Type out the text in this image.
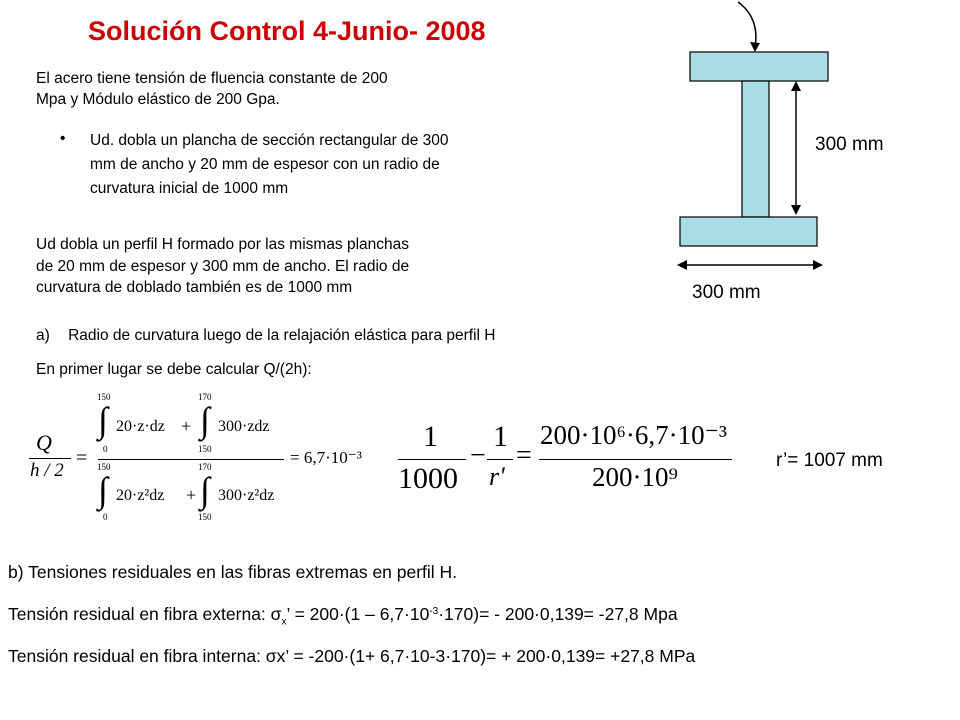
Solución Control 4-Junio- 2008
El acero tiene tensión de fluencia constante de 200
Mpa y Módulo elástico de 200 Gpa.
• Ud. dobla un plancha de sección rectangular de 300
mm de ancho y 20 mm de espesor con un radio de
curvatura inicial de 1000 mm
Ud dobla un perfil H formado por las mismas planchas
de 20 mm de espesor y 300 mm de ancho. El radio de
curvatura de doblado también es de 1000 mm
a) Radio de curvatura luego de la relajación elástica para perfil H
En primer lugar se debe calcular Q/(2h):
300 mm
300 mm
Q
h / 2
=
150
∫
0
20·z·dz +
170
∫
150
300·zdz
150
∫
0
20·z²dz +
170
∫
150
300·z²dz
= 6,7·10⁻³
1
1000
−
1
r'
=
200·10⁶·6,7·10⁻³
200·10⁹
r’= 1007 mm
b) Tensiones residuales en las fibras extremas en perfil H.
Tensión residual en fibra externa: $\sigma_x$’ = $200\cdot(1 - 6,7\cdot 10^{-3}\cdot 170)= - 200\cdot 0,139= -27,8$ Mpa
Tensión residual en fibra interna: σx’ = -200·(1+ 6,7·10-3·170)= + 200·0,139= +27,8 MPa
